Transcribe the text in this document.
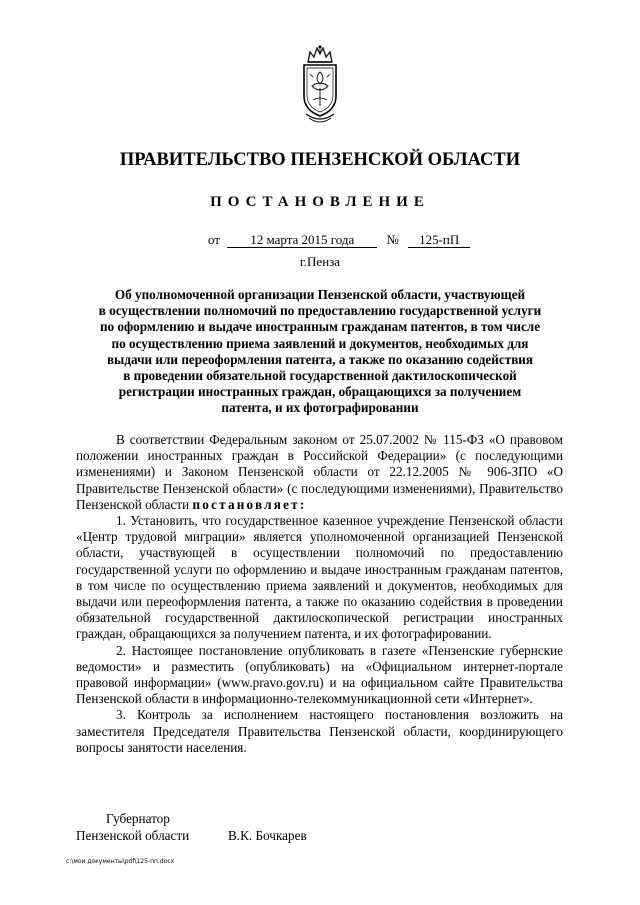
ПРАВИТЕЛЬСТВО ПЕНЗЕНСКОЙ ОБЛАСТИ
ПОСТАНОВЛЕНИЕ
от 12 марта 2015 года № 125-пП
г.Пенза
Об уполномоченной организации Пензенской области, участвующей
в осуществлении полномочий по предоставлению государственной услуги
по оформлению и выдаче иностранным гражданам патентов, в том числе
по осуществлению приема заявлений и документов, необходимых для
выдачи или переоформления патента, а также по оказанию содействия
в проведении обязательной государственной дактилоскопической
регистрации иностранных граждан, обращающихся за получением
патента, и их фотографировании

В соответствии Федеральным законом от 25.07.2002 № 115-ФЗ «О правовом положении иностранных граждан в Российской Федерации» (с последующими изменениями) и Законом Пензенской области от 22.12.2005 № 906-ЗПО «О Правительстве Пензенской области» (с последующими изменениями), Правительство Пензенской области постановляет:

1. Установить, что государственное казенное учреждение Пензенской области «Центр трудовой миграции» является уполномоченной организацией Пензенской области, участвующей в осуществлении полномочий по предоставлению государственной услуги по оформлению и выдаче иностранным гражданам патентов, в том числе по осуществлению приема заявлений и документов, необходимых для выдачи или переоформления патента, а также по оказанию содействия в проведении обязательной государственной дактилоскопической регистрации иностранных граждан, обращающихся за получением патента, и их фотографировании.

2. Настоящее постановление опубликовать в газете «Пензенские губернские ведомости» и разместить (опубликовать) на «Официальном интернет-портале правовой информации» (www.pravo.gov.ru) и на официальном сайте Правительства Пензенской области в информационно-телекоммуникационной сети «Интернет».

3. Контроль за исполнением настоящего постановления возложить на заместителя Председателя Правительства Пензенской области, координирующего вопросы занятости населения.

Губернатор
Пензенской области	В.К. Бочкарев
c:\мои документы\pdf\125-пп.docx
